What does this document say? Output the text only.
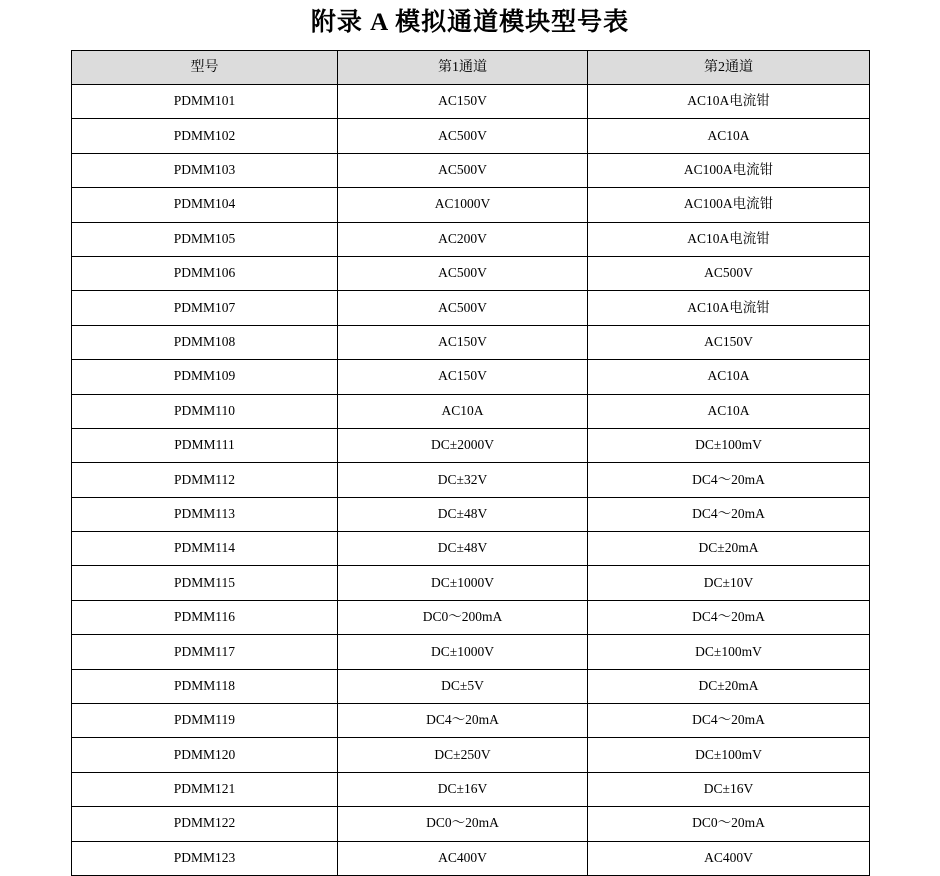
附录 A 模拟通道模块型号表
型号	第1通道	第2通道
PDMM101	AC150V	AC10A电流钳
PDMM102	AC500V	AC10A
PDMM103	AC500V	AC100A电流钳
PDMM104	AC1000V	AC100A电流钳
PDMM105	AC200V	AC10A电流钳
PDMM106	AC500V	AC500V
PDMM107	AC500V	AC10A电流钳
PDMM108	AC150V	AC150V
PDMM109	AC150V	AC10A
PDMM110	AC10A	AC10A
PDMM111	DC±2000V	DC±100mV
PDMM112	DC±32V	DC4～20mA
PDMM113	DC±48V	DC4～20mA
PDMM114	DC±48V	DC±20mA
PDMM115	DC±1000V	DC±10V
PDMM116	DC0～200mA	DC4～20mA
PDMM117	DC±1000V	DC±100mV
PDMM118	DC±5V	DC±20mA
PDMM119	DC4～20mA	DC4～20mA
PDMM120	DC±250V	DC±100mV
PDMM121	DC±16V	DC±16V
PDMM122	DC0～20mA	DC0～20mA
PDMM123	AC400V	AC400V
